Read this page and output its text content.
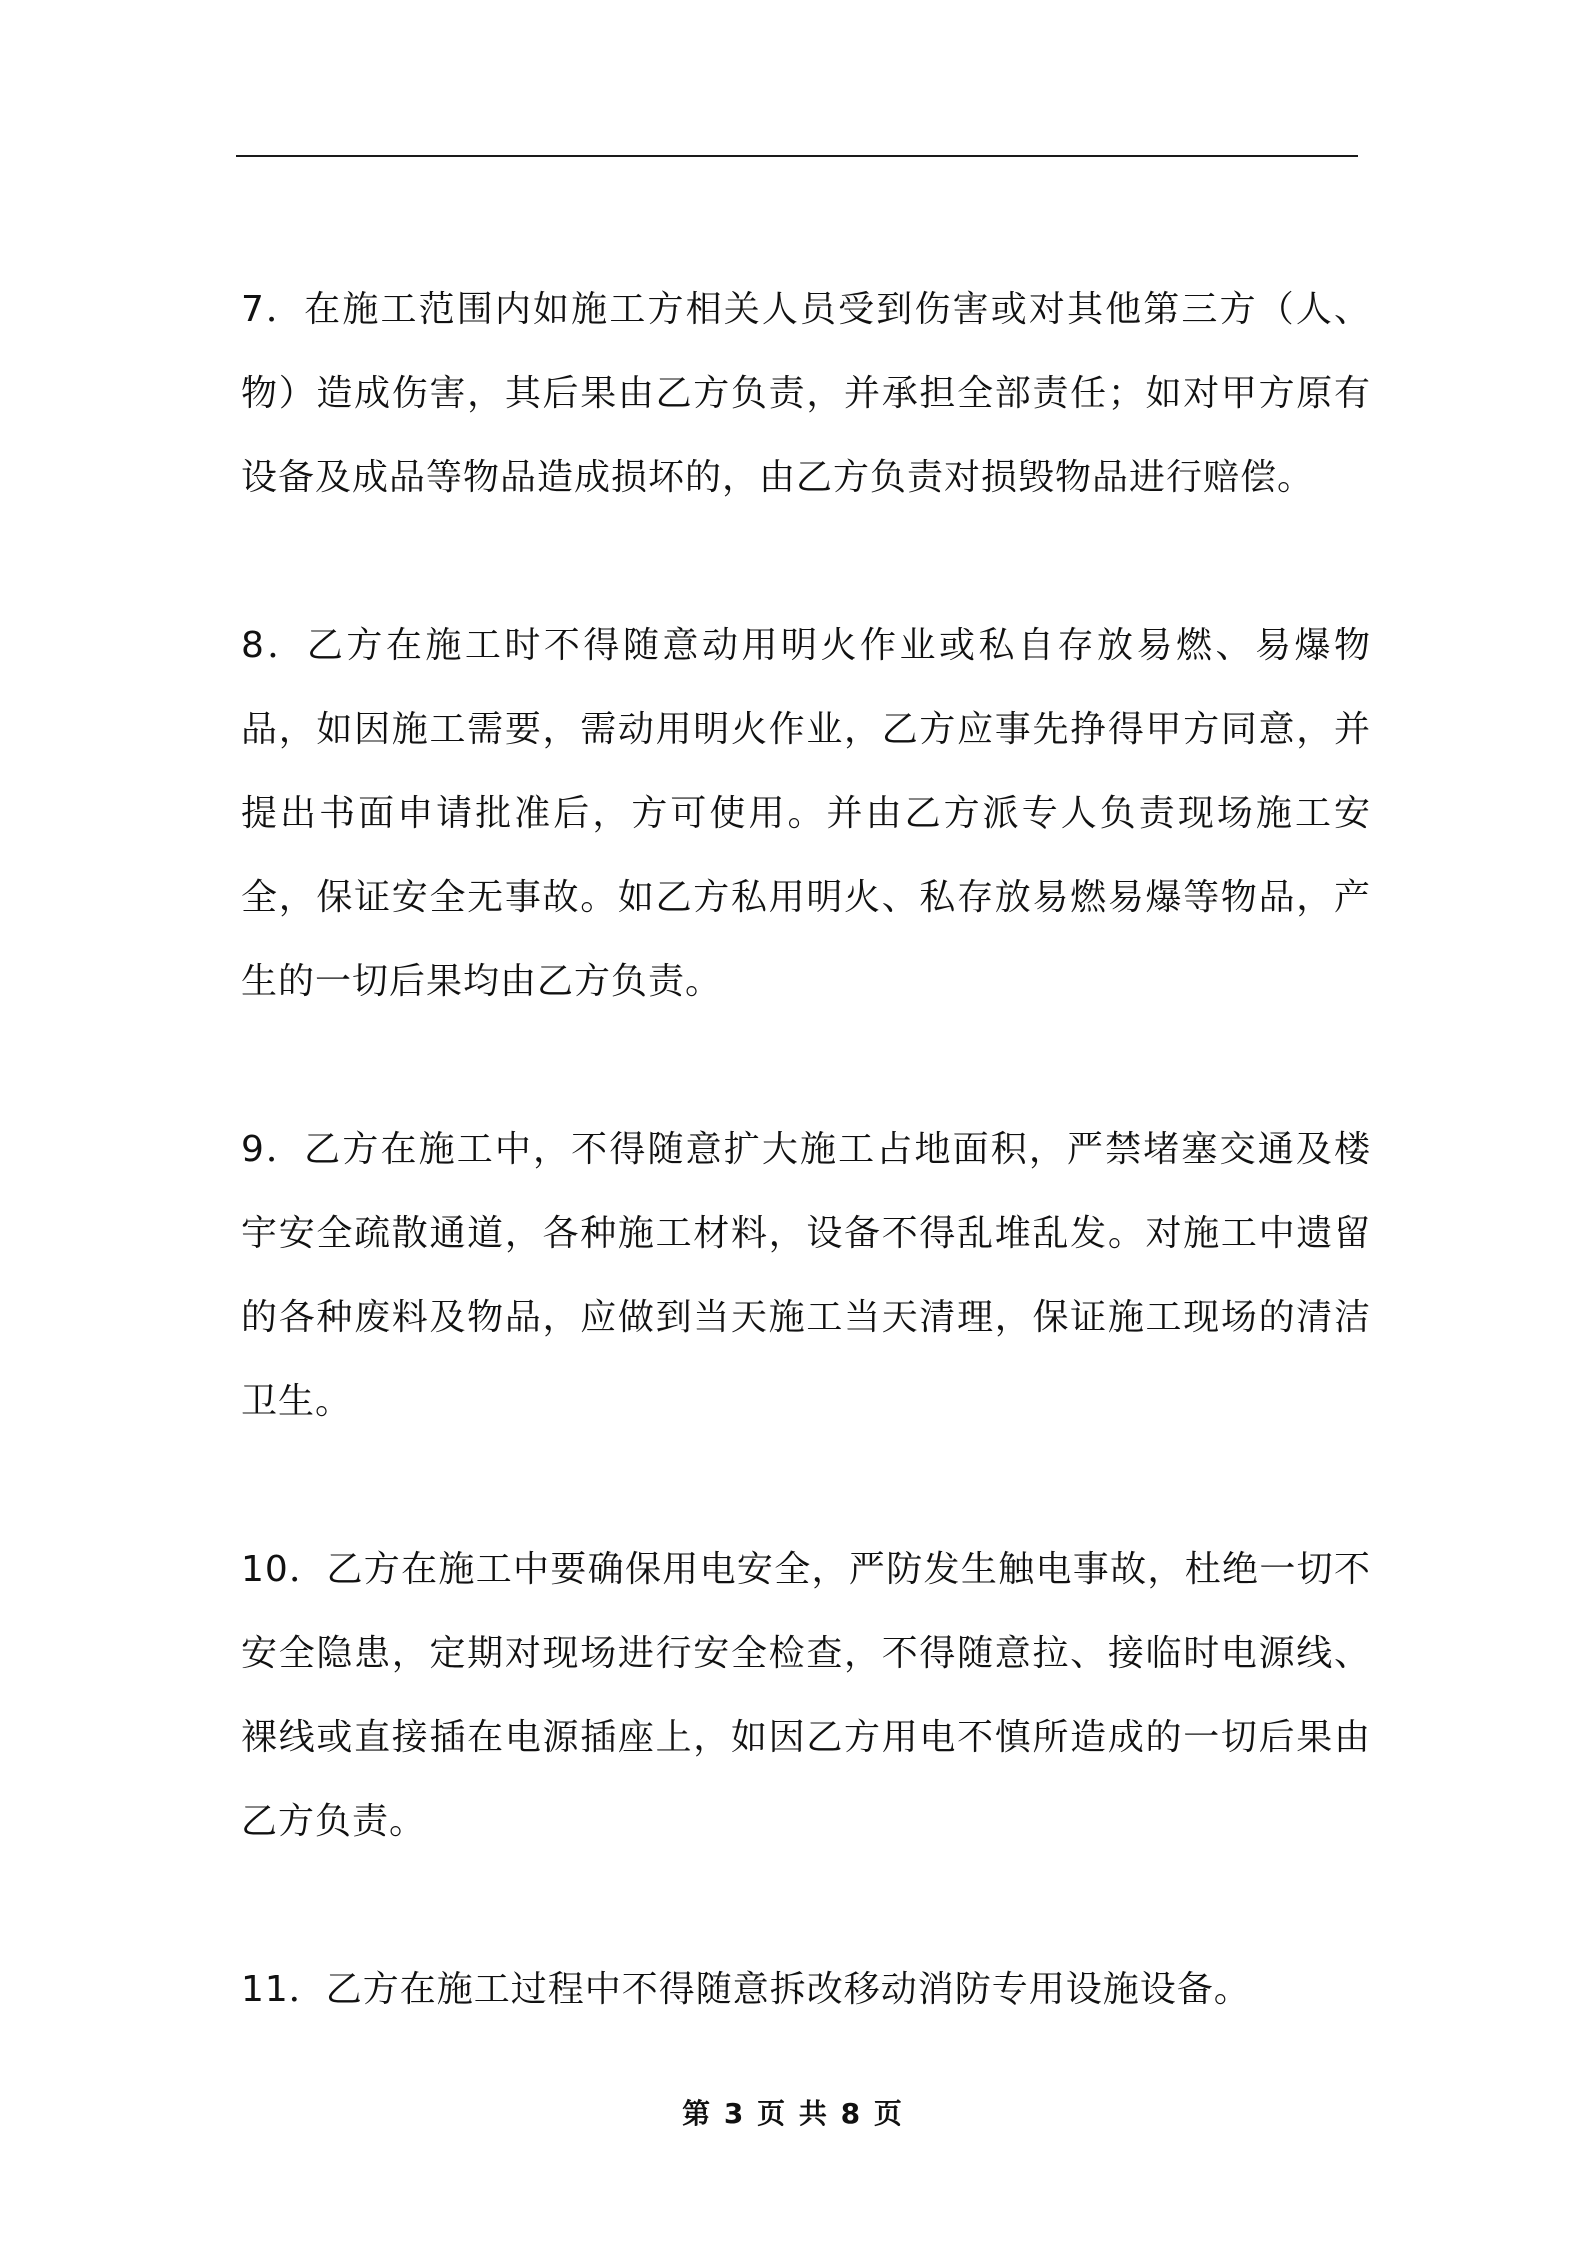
7．在施工范围内如施工方相关人员受到伤害或对其他第三方（人、物）造成伤害，其后果由乙方负责，并承担全部责任；如对甲方原有设备及成品等物品造成损坏的，由乙方负责对损毁物品进行赔偿。

8．乙方在施工时不得随意动用明火作业或私自存放易燃、易爆物品，如因施工需要，需动用明火作业，乙方应事先挣得甲方同意，并提出书面申请批准后，方可使用。并由乙方派专人负责现场施工安全，保证安全无事故。如乙方私用明火、私存放易燃易爆等物品，产生的一切后果均由乙方负责。

9．乙方在施工中，不得随意扩大施工占地面积，严禁堵塞交通及楼宇安全疏散通道，各种施工材料，设备不得乱堆乱发。对施工中遗留的各种废料及物品，应做到当天施工当天清理，保证施工现场的清洁卫生。

10．乙方在施工中要确保用电安全，严防发生触电事故，杜绝一切不安全隐患，定期对现场进行安全检查，不得随意拉、接临时电源线、裸线或直接插在电源插座上，如因乙方用电不慎所造成的一切后果由乙方负责。

11．乙方在施工过程中不得随意拆改移动消防专用设施设备。

第 3 页 共 8 页
